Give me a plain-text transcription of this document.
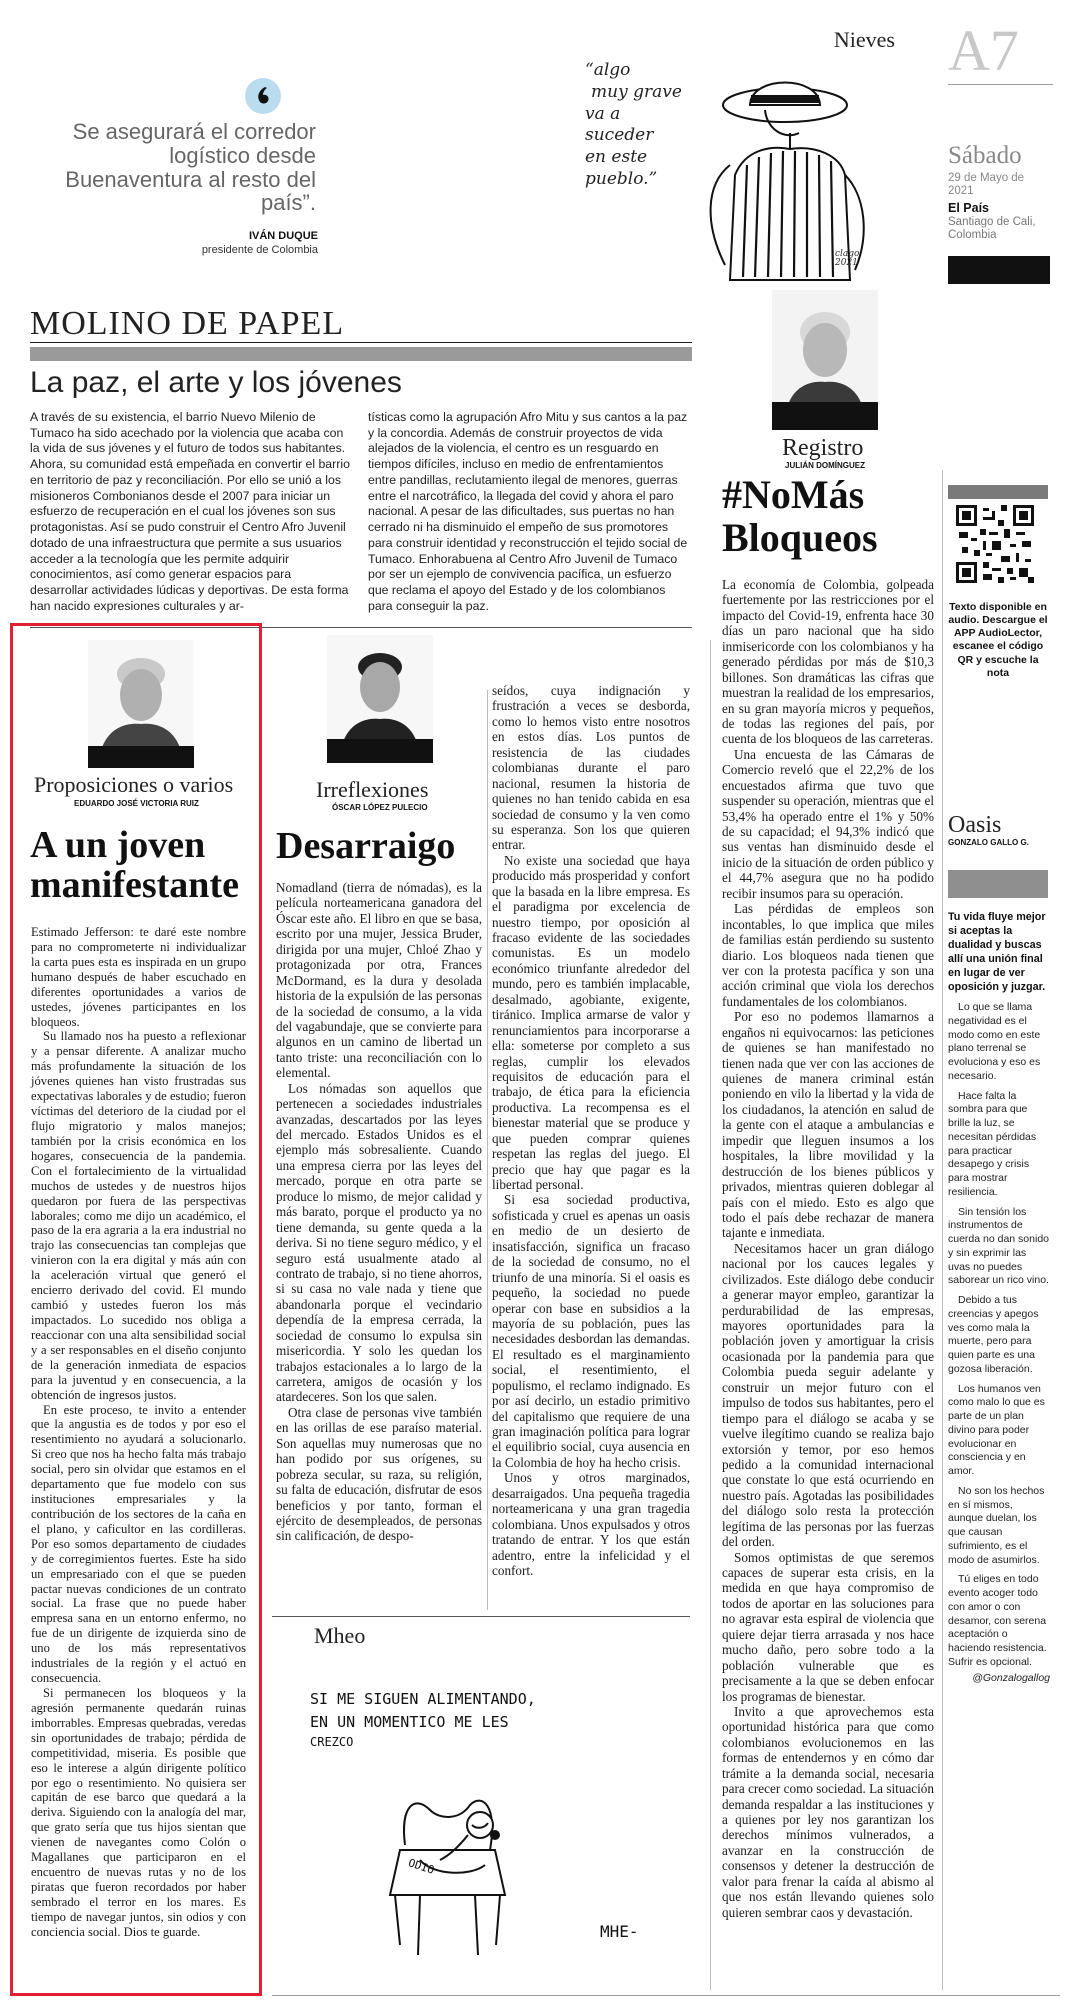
Se asegurará el corredor logístico desde Buenaventura al resto del país”.
IVÁN DUQUE
presidente de Colombia
Nieves
“algo
muy grave
va a
suceder
en este
pueblo.”
clago 2021
A7
Sábado
29 de Mayo de 2021
El País
Santiago de Cali, Colombia
MOLINO DE PAPEL
La paz, el arte y los jóvenes
A través de su existencia, el barrio Nuevo Milenio de Tumaco ha sido acechado por la violencia que acaba con la vida de sus jóvenes y el futuro de todos sus habitantes. Ahora, su comunidad está empeñada en convertir el barrio en territorio de paz y reconciliación. Por ello se unió a los misioneros Combonianos desde el 2007 para iniciar un esfuerzo de recuperación en el cual los jóvenes son sus protagonistas. Así se pudo construir el Centro Afro Juvenil dotado de una infraestructura que permite a sus usuarios acceder a la tecnología que les permite adquirir conocimientos, así como generar espacios para desarrollar actividades lúdicas y deportivas. De esta forma han nacido expresiones culturales y ar-
tísticas como la agrupación Afro Mitu y sus cantos a la paz y la concordia. Además de construir proyectos de vida alejados de la violencia, el centro es un resguardo en tiempos difíciles, incluso en medio de enfrentamientos entre pandillas, reclutamiento ilegal de menores, guerras entre el narcotráfico, la llegada del covid y ahora el paro nacional. A pesar de las dificultades, sus puertas no han cerrado ni ha disminuido el empeño de sus promotores para construir identidad y reconstrucción el tejido social de Tumaco. Enhorabuena al Centro Afro Juvenil de Tumaco por ser un ejemplo de convivencia pacífica, un esfuerzo que reclama el apoyo del Estado y de los colombianos para conseguir la paz.
Registro
JULIÁN DOMÍNGUEZ
#NoMás Bloqueos

La economía de Colombia, golpeada fuertemente por las restricciones por el impacto del Covid-19, enfrenta hace 30 días un paro nacional que ha sido inmisericorde con los colombianos y ha generado pérdidas por más de $10,3 billones. Son dramáticas las cifras que muestran la realidad de los empresarios, en su gran mayoría micros y pequeños, de todas las regiones del país, por cuenta de los bloqueos de las carreteras.

Una encuesta de las Cámaras de Comercio reveló que el 22,2% de los encuestados afirma que tuvo que suspender su operación, mientras que el 53,4% ha operado entre el 1% y 50% de su capacidad; el 94,3% indicó que sus ventas han disminuido desde el inicio de la situación de orden público y el 44,7% asegura que no ha podido recibir insumos para su operación.

Las pérdidas de empleos son incontables, lo que implica que miles de familias están perdiendo su sustento diario. Los bloqueos nada tienen que ver con la protesta pacífica y son una acción criminal que viola los derechos fundamentales de los colombianos.

Por eso no podemos llamarnos a engaños ni equivocarnos: las peticiones de quienes se han manifestado no tienen nada que ver con las acciones de quienes de manera criminal están poniendo en vilo la libertad y la vida de los ciudadanos, la atención en salud de la gente con el ataque a ambulancias e impedir que lleguen insumos a los hospitales, la libre movilidad y la destrucción de los bienes públicos y privados, mientras quieren doblegar al país con el miedo. Esto es algo que todo el país debe rechazar de manera tajante e inmediata.

Necesitamos hacer un gran diálogo nacional por los cauces legales y civilizados. Este diálogo debe conducir a generar mayor empleo, garantizar la perdurabilidad de las empresas, mayores oportunidades para la población joven y amortiguar la crisis ocasionada por la pandemia para que Colombia pueda seguir adelante y construir un mejor futuro con el impulso de todos sus habitantes, pero el tiempo para el diálogo se acaba y se vuelve ilegítimo cuando se realiza bajo extorsión y temor, por eso hemos pedido a la comunidad internacional que constate lo que está ocurriendo en nuestro país. Agotadas las posibilidades del diálogo solo resta la protección legítima de las personas por las fuerzas del orden.

Somos optimistas de que seremos capaces de superar esta crisis, en la medida en que haya compromiso de todos de aportar en las soluciones para no agravar esta espiral de violencia que quiere dejar tierra arrasada y nos hace mucho daño, pero sobre todo a la población vulnerable que es precisamente a la que se deben enfocar los programas de bienestar.

Invito a que aprovechemos esta oportunidad histórica para que como colombianos evolucionemos en las formas de entendernos y en cómo dar trámite a la demanda social, necesaria para crecer como sociedad. La situación demanda respaldar a las instituciones y a quienes por ley nos garantizan los derechos mínimos vulnerados, a avanzar en la construcción de consensos y detener la destrucción de valor para frenar la caída al abismo al que nos están llevando quienes solo quieren sembrar caos y devastación.

Texto disponible en audio. Descargue el APP AudioLector, escanee el código QR y escuche la nota
Oasis
GONZALO GALLO G.
Tu vida fluye mejor si aceptas la dualidad y buscas allí una unión final en lugar de ver oposición y juzgar.

Lo que se llama negatividad es el modo como en este plano terrenal se evoluciona y eso es necesario.

Hace falta la sombra para que brille la luz, se necesitan pérdidas para practicar desapego y crisis para mostrar resiliencia.

Sin tensión los instrumentos de cuerda no dan sonido y sin exprimir las uvas no puedes saborear un rico vino.

Debido a tus creencias y apegos ves como mala la muerte, pero para quien parte es una gozosa liberación.

Los humanos ven como malo lo que es parte de un plan divino para poder evolucionar en consciencia y en amor.

No son los hechos en sí mismos, aunque duelan, los que causan sufrimiento, es el modo de asumirlos.

Tú eliges en todo evento acoger todo con amor o con desamor, con serena aceptación o haciendo resistencia. Sufrir es opcional.

@Gonzalogallog

Proposiciones o varios
EDUARDO JOSÉ VICTORIA RUIZ
A un joven manifestante

Estimado Jefferson: te daré este nombre para no comprometerte ni individualizar la carta pues esta es inspirada en un grupo humano después de haber escuchado en diferentes oportunidades a varios de ustedes, jóvenes participantes en los bloqueos.

Su llamado nos ha puesto a reflexionar y a pensar diferente. A analizar mucho más profundamente la situación de los jóvenes quienes han visto frustradas sus expectativas laborales y de estudio; fueron víctimas del deterioro de la ciudad por el flujo migratorio y malos manejos; también por la crisis económica en los hogares, consecuencia de la pandemia. Con el fortalecimiento de la virtualidad muchos de ustedes y de nuestros hijos quedaron por fuera de las perspectivas laborales; como me dijo un académico, el paso de la era agraria a la era industrial no trajo las consecuencias tan complejas que vinieron con la era digital y más aún con la aceleración virtual que generó el encierro derivado del covid. El mundo cambió y ustedes fueron los más impactados. Lo sucedido nos obliga a reaccionar con una alta sensibilidad social y a ser responsables en el diseño conjunto de la generación inmediata de espacios para la juventud y en consecuencia, a la obtención de ingresos justos.

En este proceso, te invito a entender que la angustia es de todos y por eso el resentimiento no ayudará a solucionarlo. Si creo que nos ha hecho falta más trabajo social, pero sin olvidar que estamos en el departamento que fue modelo con sus instituciones empresariales y la contribución de los sectores de la caña en el plano, y caficultor en las cordilleras. Por eso somos departamento de ciudades y de corregimientos fuertes. Este ha sido un empresariado con el que se pueden pactar nuevas condiciones de un contrato social. La frase que no puede haber empresa sana en un entorno enfermo, no fue de un dirigente de izquierda sino de uno de los más representativos industriales de la región y el actuó en consecuencia.

Si permanecen los bloqueos y la agresión permanente quedarán ruinas imborrables. Empresas quebradas, veredas sin oportunidades de trabajo; pérdida de competitividad, miseria. Es posible que eso le interese a algún dirigente político por ego o resentimiento. No quisiera ser capitán de ese barco que quedará a la deriva. Siguiendo con la analogía del mar, que grato sería que tus hijos sientan que vienen de navegantes como Colón o Magallanes que participaron en el encuentro de nuevas rutas y no de los piratas que fueron recordados por haber sembrado el terror en los mares. Es tiempo de navegar juntos, sin odios y con conciencia social. Dios te guarde.

Irreflexiones
ÓSCAR LÓPEZ PULECIO
Desarraigo

Nomadland (tierra de nómadas), es la película norteamericana ganadora del Óscar este año. El libro en que se basa, escrito por una mujer, Jessica Bruder, dirigida por una mujer, Chloé Zhao y protagonizada por otra, Frances McDormand, es la dura y desolada historia de la expulsión de las personas de la sociedad de consumo, a la vida del vagabundaje, que se convierte para algunos en un camino de libertad un tanto triste: una reconciliación con lo elemental.

Los nómadas son aquellos que pertenecen a sociedades industriales avanzadas, descartados por las leyes del mercado. Estados Unidos es el ejemplo más sobresaliente. Cuando una empresa cierra por las leyes del mercado, porque en otra parte se produce lo mismo, de mejor calidad y más barato, porque el producto ya no tiene demanda, su gente queda a la deriva. Si no tiene seguro médico, y el seguro está usualmente atado al contrato de trabajo, si no tiene ahorros, si su casa no vale nada y tiene que abandonarla porque el vecindario dependía de la empresa cerrada, la sociedad de consumo lo expulsa sin misericordia. Y solo les quedan los trabajos estacionales a lo largo de la carretera, amigos de ocasión y los atardeceres. Son los que salen.

Otra clase de personas vive también en las orillas de ese paraíso material. Son aquellas muy numerosas que no han podido por sus orígenes, su pobreza secular, su raza, su religión, su falta de educación, disfrutar de esos beneficios y por tanto, forman el ejército de desempleados, de personas sin calificación, de despo-

seídos, cuya indignación y frustración a veces se desborda, como lo hemos visto entre nosotros en estos días. Los puntos de resistencia de las ciudades colombianas durante el paro nacional, resumen la historia de quienes no han tenido cabida en esa sociedad de consumo y la ven como su esperanza. Son los que quieren entrar.

No existe una sociedad que haya producido más prosperidad y confort que la basada en la libre empresa. Es el paradigma por excelencia de nuestro tiempo, por oposición al fracaso evidente de las sociedades comunistas. Es un modelo económico triunfante alrededor del mundo, pero es también implacable, desalmado, agobiante, exigente, tiránico. Implica armarse de valor y renunciamientos para incorporarse a ella: someterse por completo a sus reglas, cumplir los elevados requisitos de educación para el trabajo, de ética para la eficiencia productiva. La recompensa es el bienestar material que se produce y que pueden comprar quienes respetan las reglas del juego. El precio que hay que pagar es la libertad personal.

Si esa sociedad productiva, sofisticada y cruel es apenas un oasis en medio de un desierto de insatisfacción, significa un fracaso de la sociedad de consumo, no el triunfo de una minoría. Si el oasis es pequeño, la sociedad no puede operar con base en subsidios a la mayoría de su población, pues las necesidades desbordan las demandas. El resultado es el marginamiento social, el resentimiento, el populismo, el reclamo indignado. Es por así decirlo, un estadio primitivo del capitalismo que requiere de una gran imaginación política para lograr el equilibrio social, cuya ausencia en la Colombia de hoy ha hecho crisis.

Unos y otros marginados, desarraigados. Una pequeña tragedia norteamericana y una gran tragedia colombiana. Unos expulsados y otros tratando de entrar. Y los que están adentro, entre la infelicidad y el confort.

Mheo
SI ME SIGUEN ALIMENTANDO,
EN UN MOMENTICO ME LES
CREZCO
ODIO
MHE-
